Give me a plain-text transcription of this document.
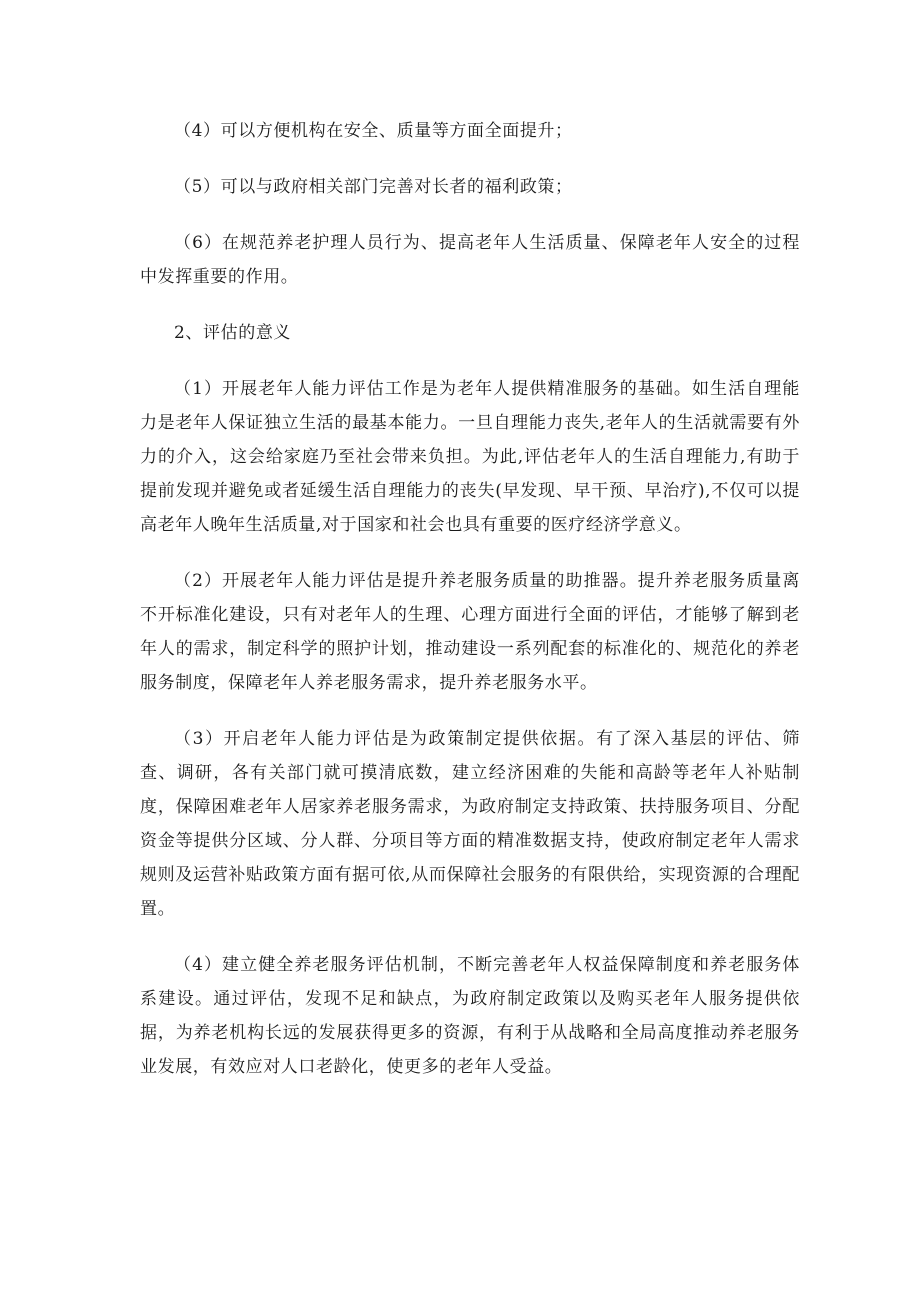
（4）可以方便机构在安全、质量等方面全面提升；

（5）可以与政府相关部门完善对长者的福利政策；

（6）在规范养老护理人员行为、提高老年人生活质量、保障老年人安全的过程中发挥重要的作用。

2、评估的意义

（1）开展老年人能力评估工作是为老年人提供精准服务的基础。如生活自理能力是老年人保证独立生活的最基本能力。一旦自理能力丧失,老年人的生活就需要有外力的介入，这会给家庭乃至社会带来负担。为此,评估老年人的生活自理能力,有助于提前发现并避免或者延缓生活自理能力的丧失(早发现、早干预、早治疗),不仅可以提高老年人晚年生活质量,对于国家和社会也具有重要的医疗经济学意义。

（2）开展老年人能力评估是提升养老服务质量的助推器。提升养老服务质量离不开标准化建设，只有对老年人的生理、心理方面进行全面的评估，才能够了解到老年人的需求，制定科学的照护计划，推动建设一系列配套的标准化的、规范化的养老服务制度，保障老年人养老服务需求，提升养老服务水平。

（3）开启老年人能力评估是为政策制定提供依据。有了深入基层的评估、筛查、调研，各有关部门就可摸清底数，建立经济困难的失能和高龄等老年人补贴制度，保障困难老年人居家养老服务需求，为政府制定支持政策、扶持服务项目、分配资金等提供分区域、分人群、分项目等方面的精准数据支持，使政府制定老年人需求规则及运营补贴政策方面有据可依,从而保障社会服务的有限供给，实现资源的合理配置。

（4）建立健全养老服务评估机制，不断完善老年人权益保障制度和养老服务体系建设。通过评估，发现不足和缺点，为政府制定政策以及购买老年人服务提供依据，为养老机构长远的发展获得更多的资源，有利于从战略和全局高度推动养老服务业发展，有效应对人口老龄化，使更多的老年人受益。
